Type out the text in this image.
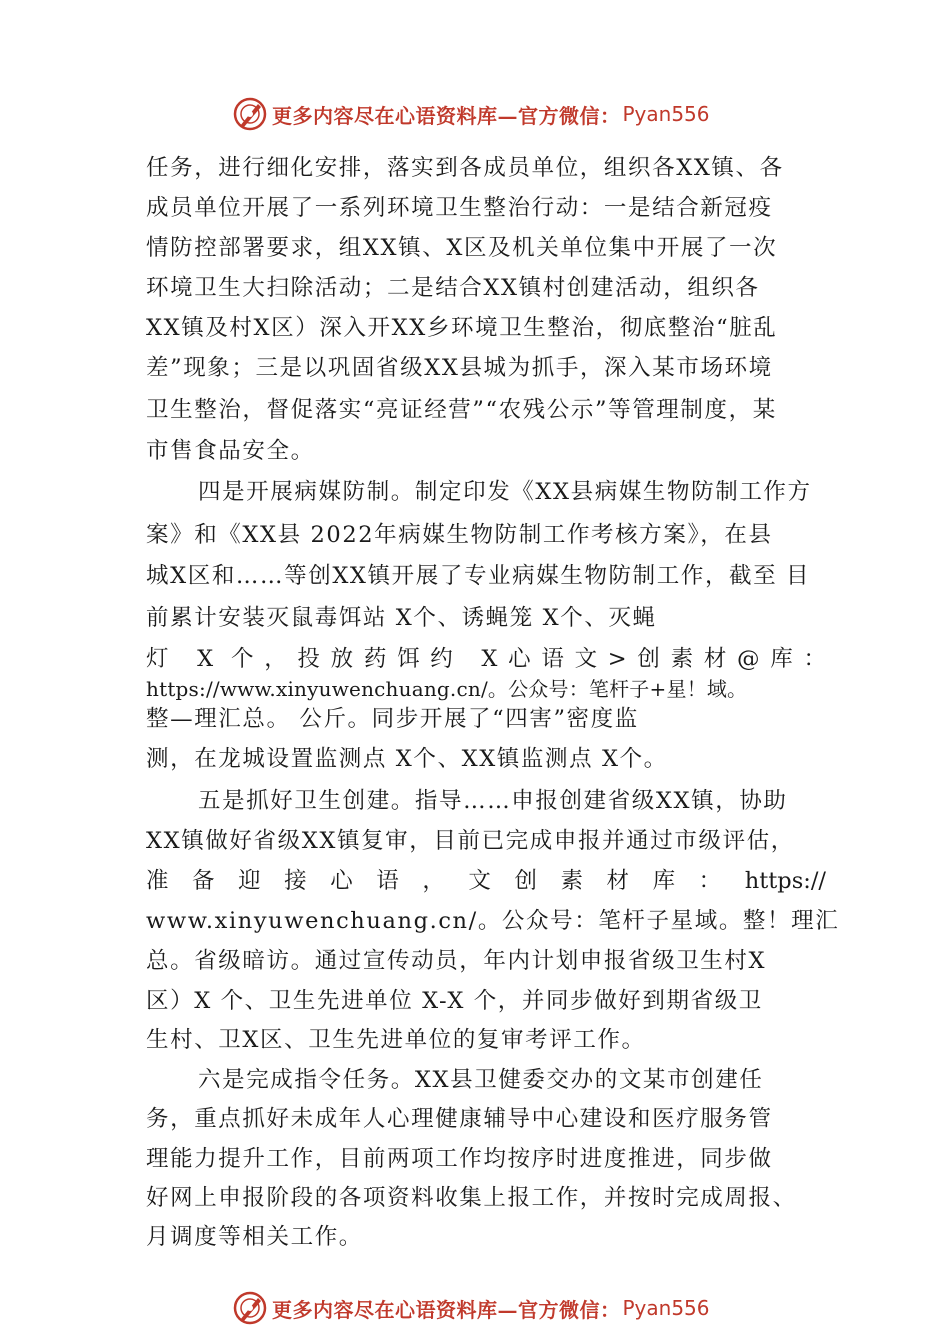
更多内容尽在心语资料库—官方微信： Pyan556
任务，进行细化安排，落实到各成员单位，组织各XX镇、各
成员单位开展了一系列环境卫生整治行动：一是结合新冠疫
情防控部署要求，组XX镇、X区及机关单位集中开展了一次
环境卫生大扫除活动；二是结合XX镇村创建活动，组织各
XX镇及村X区）深入开XX乡环境卫生整治，彻底整治“脏乱
差”现象；三是以巩固省级XX县城为抓手，深入某市场环境
卫生整治，督促落实“亮证经营”“农残公示”等管理制度，某
市售食品安全。
四是开展病媒防制。制定印发《XX县病媒生物防制工作方
案》和《XX县 2022年病媒生物防制工作考核方案》，在县
城X区和……等创XX镇开展了专业病媒生物防制工作，截至 目
前累计安装灭鼠毒饵站 X个、诱蝇笼 X个、灭蝇
灯 X 个，投放药饵约 X心语文>创素材@库：
https://www.xinyuwenchuang.cn/。公众号：笔杆子+星！域。
整—理汇总。 公斤。同步开展了“四害”密度监
测，在龙城设置监测点 X个、XX镇监测点 X个。
五是抓好卫生创建。指导……申报创建省级XX镇，协助
XX镇做好省级XX镇复审，目前已完成申报并通过市级评估，
准备迎接心语，文创素材库：https://
www.xinyuwenchuang.cn/。公众号：笔杆子星域。整！理汇
总。省级暗访。通过宣传动员，年内计划申报省级卫生村X
区）X 个、卫生先进单位 X-X 个，并同步做好到期省级卫
生村、卫X区、卫生先进单位的复审考评工作。
六是完成指令任务。XX县卫健委交办的文某市创建任
务，重点抓好未成年人心理健康辅导中心建设和医疗服务管
理能力提升工作，目前两项工作均按序时进度推进，同步做
好网上申报阶段的各项资料收集上报工作，并按时完成周报、
月调度等相关工作。
更多内容尽在心语资料库—官方微信： Pyan556
